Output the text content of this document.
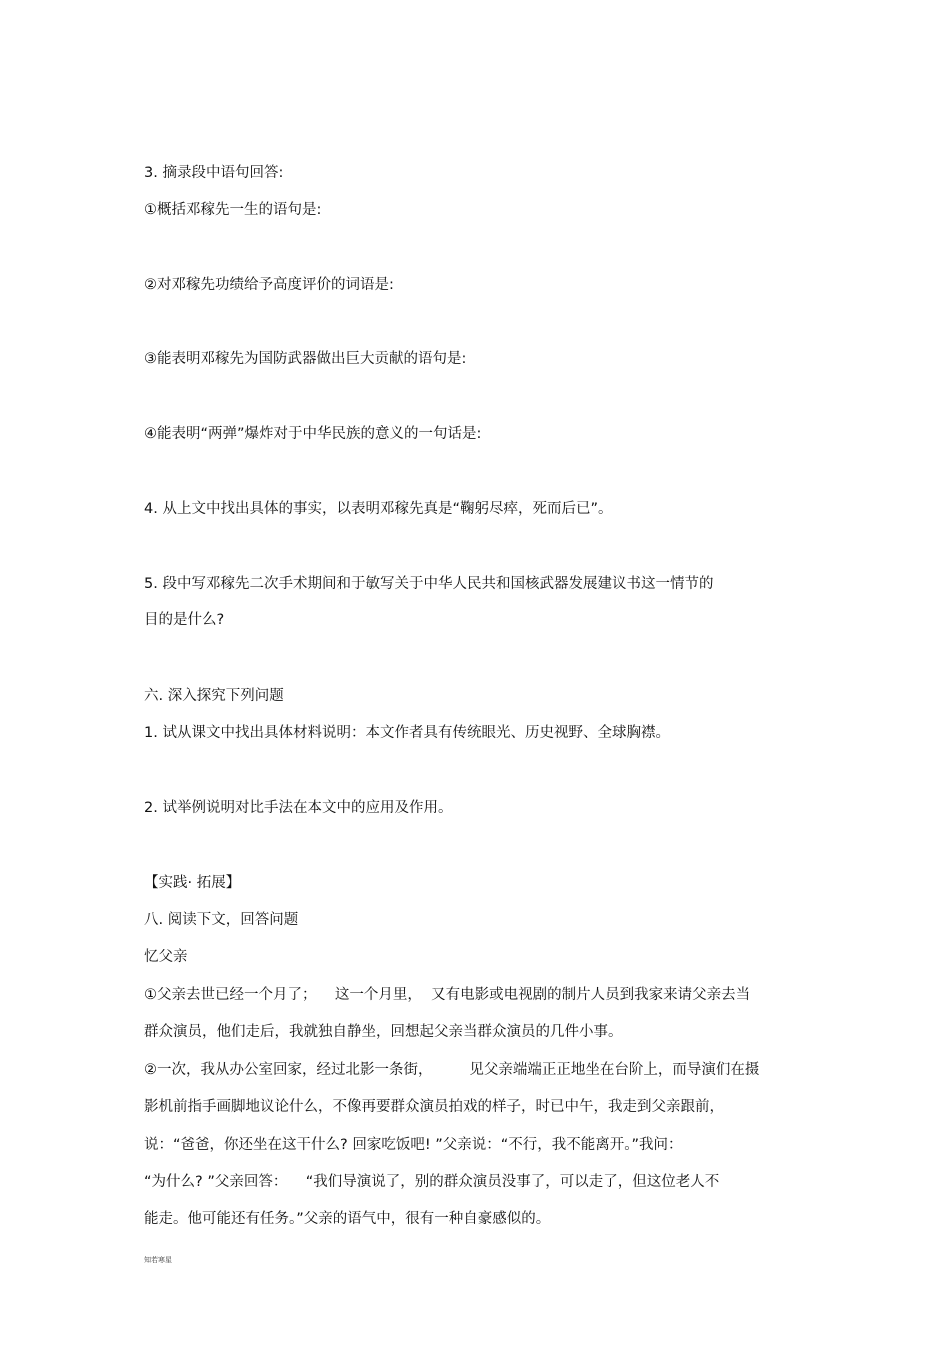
3. 摘录段中语句回答:

①概括邓稼先一生的语句是:

②对邓稼先功绩给予高度评价的词语是:

③能表明邓稼先为国防武器做出巨大贡献的语句是:

④能表明“两弹”爆炸对于中华民族的意义的一句话是:

4. 从上文中找出具体的事实，以表明邓稼先真是“鞠躬尽瘁，死而后已”。

5. 段中写邓稼先二次手术期间和于敏写关于中华人民共和国核武器发展建议书这一情节的

目的是什么?

六. 深入探究下列问题

1. 试从课文中找出具体材料说明：本文作者具有传统眼光、历史视野、全球胸襟。

2. 试举例说明对比手法在本文中的应用及作用。

【实践· 拓展】

八. 阅读下文，回答问题

忆父亲

①父亲去世已经一个月了；    这一个月里，  又有电影或电视剧的制片人员到我家来请父亲去当

群众演员，他们走后，我就独自静坐，回想起父亲当群众演员的几件小事。

②一次，我从办公室回家，经过北影一条街，        见父亲端端正正地坐在台阶上，而导演们在摄

影机前指手画脚地议论什么，不像再要群众演员拍戏的样子，时已中午，我走到父亲跟前，

说：“爸爸，你还坐在这干什么? 回家吃饭吧! ”父亲说：“不行，我不能离开。”我问：

“为什么? ”父亲回答：    “我们导演说了，别的群众演员没事了，可以走了，但这位老人不

能走。他可能还有任务。”父亲的语气中，很有一种自豪感似的。

知若寒星
